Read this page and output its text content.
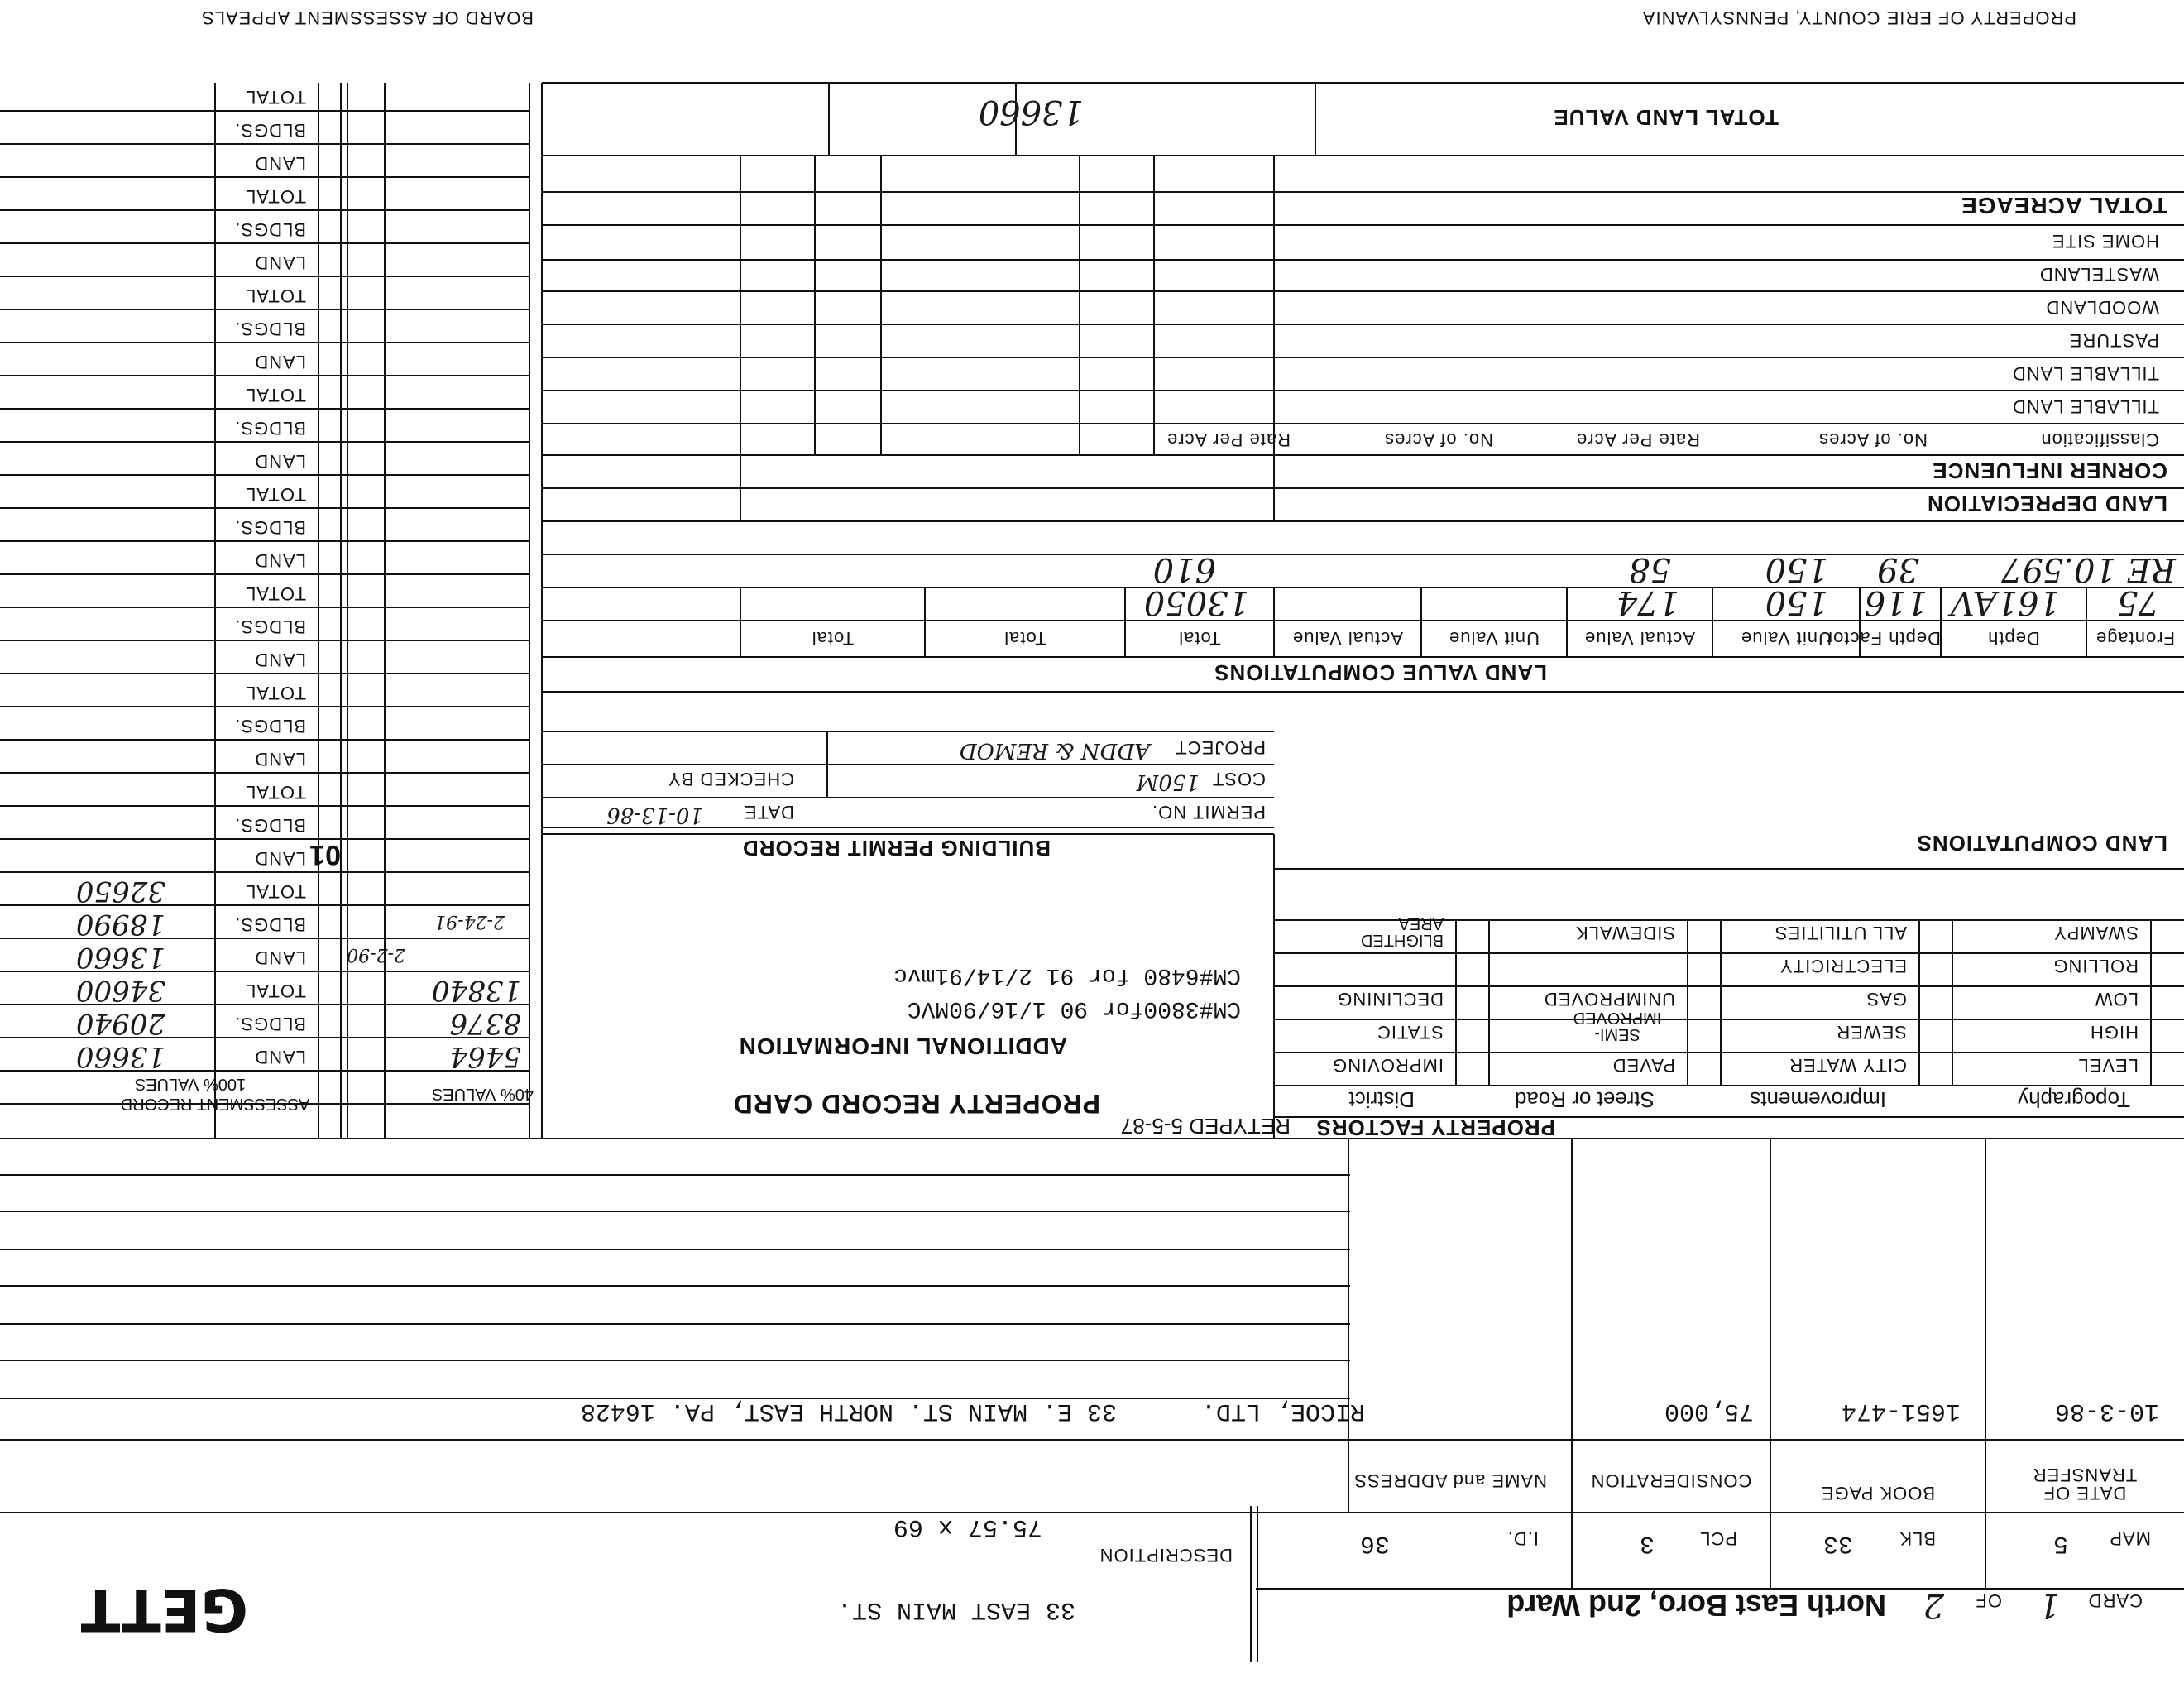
PROPERTY OF ERIE COUNTY, PENNSYLVANIA
BOARD OF ASSESSMENT APPEALS
CARD
1
OF
2
North East Boro, 2nd Ward
DESCRIPTION
33 EAST MAIN ST.
75.57 x 69
GETT
MAP
5
BLK
33
PCL
3
I.D.
36
DATE OF TRANSFER
BOOK PAGE
CONSIDERATION
NAME and ADDRESS
10-3-86
1651-474
75,000
RICOE, LTD.
33 E. MAIN ST. NORTH EAST, PA. 16428
PROPERTY FACTORS
RETYPED 5-5-87
Topography
Improvements
Street or Road
District
LEVEL
HIGH
LOW
ROLLING
SWAMPY
CITY WATER
SEWER
GAS
ELECTRICITY
ALL UTILITIES
PAVED
SEMI-IMPROVED
UNIMPROVED
SIDEWALK
IMPROVING
STATIC
DECLINING
BLIGHTED AREA
LAND COMPUTATIONS
PROPERTY RECORD CARD
ADDITIONAL INFORMATION
CM#3800for 90 1/16/90MVC
CM#6480 for 91 2/14/91mvc
BUILDING PERMIT RECORD
PERMIT NO.
DATE
10-13-86
COST
150M
CHECKED BY
PROJECT
ADDN & REMOD
LAND VALUE COMPUTATIONS
Frontage
Depth
Depth Factor
Unit Value
Actual Value
Unit Value
Actual Value
Total
Total
Total
75
161AV
116
150
174
13050
RE 10.5
97
39
150
58
610
LAND DEPRECIATION
CORNER INFLUENCE
Classification
No. of Acres
Rate Per Acre
No. of Acres
Rate Per Acre
TILLABLE LAND
TILLABLE LAND
PASTURE
WOODLAND
WASTELAND
HOME SITE
TOTAL ACREAGE
TOTAL LAND VALUE
13660
40% VALUES
ASSESSMENT RECORD
100% VALUES
5464
8376
13840
LAND
BLDGS.
TOTAL
13660
20940
34600
2-2-90
2-24-91
01
LAND
BLDGS.
TOTAL
13660
18990
32650
LAND
BLDGS.
TOTAL
LAND
BLDGS.
TOTAL
LAND
BLDGS.
TOTAL
LAND
BLDGS.
TOTAL
LAND
BLDGS.
TOTAL
LAND
BLDGS.
TOTAL
LAND
BLDGS.
TOTAL
LAND
BLDGS.
TOTAL
